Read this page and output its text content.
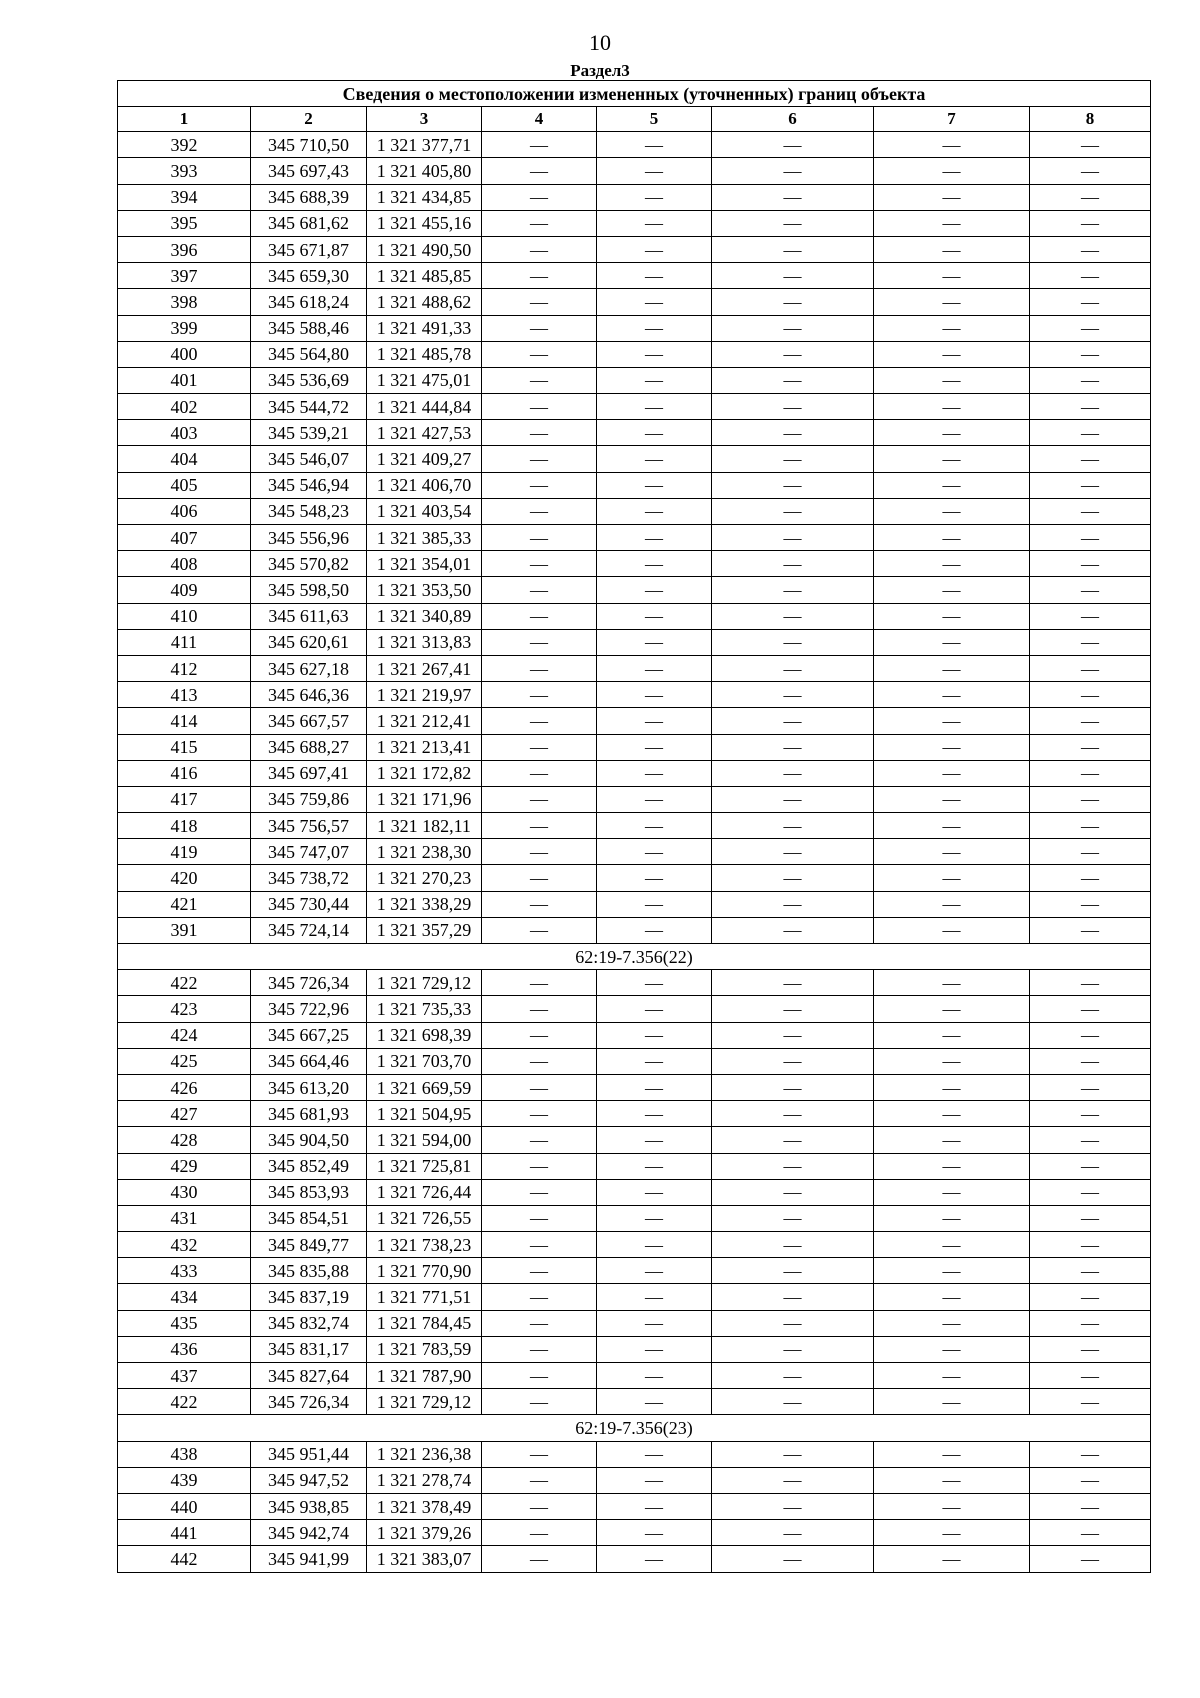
10
Раздел3
Сведения о местоположении измененных (уточненных) границ объекта							
1	2	3	4	5	6	7	8
392	345 710,50	1 321 377,71	—	—	—	—	—
393	345 697,43	1 321 405,80	—	—	—	—	—
394	345 688,39	1 321 434,85	—	—	—	—	—
395	345 681,62	1 321 455,16	—	—	—	—	—
396	345 671,87	1 321 490,50	—	—	—	—	—
397	345 659,30	1 321 485,85	—	—	—	—	—
398	345 618,24	1 321 488,62	—	—	—	—	—
399	345 588,46	1 321 491,33	—	—	—	—	—
400	345 564,80	1 321 485,78	—	—	—	—	—
401	345 536,69	1 321 475,01	—	—	—	—	—
402	345 544,72	1 321 444,84	—	—	—	—	—
403	345 539,21	1 321 427,53	—	—	—	—	—
404	345 546,07	1 321 409,27	—	—	—	—	—
405	345 546,94	1 321 406,70	—	—	—	—	—
406	345 548,23	1 321 403,54	—	—	—	—	—
407	345 556,96	1 321 385,33	—	—	—	—	—
408	345 570,82	1 321 354,01	—	—	—	—	—
409	345 598,50	1 321 353,50	—	—	—	—	—
410	345 611,63	1 321 340,89	—	—	—	—	—
411	345 620,61	1 321 313,83	—	—	—	—	—
412	345 627,18	1 321 267,41	—	—	—	—	—
413	345 646,36	1 321 219,97	—	—	—	—	—
414	345 667,57	1 321 212,41	—	—	—	—	—
415	345 688,27	1 321 213,41	—	—	—	—	—
416	345 697,41	1 321 172,82	—	—	—	—	—
417	345 759,86	1 321 171,96	—	—	—	—	—
418	345 756,57	1 321 182,11	—	—	—	—	—
419	345 747,07	1 321 238,30	—	—	—	—	—
420	345 738,72	1 321 270,23	—	—	—	—	—
421	345 730,44	1 321 338,29	—	—	—	—	—
391	345 724,14	1 321 357,29	—	—	—	—	—
62:19-7.356(22)							
422	345 726,34	1 321 729,12	—	—	—	—	—
423	345 722,96	1 321 735,33	—	—	—	—	—
424	345 667,25	1 321 698,39	—	—	—	—	—
425	345 664,46	1 321 703,70	—	—	—	—	—
426	345 613,20	1 321 669,59	—	—	—	—	—
427	345 681,93	1 321 504,95	—	—	—	—	—
428	345 904,50	1 321 594,00	—	—	—	—	—
429	345 852,49	1 321 725,81	—	—	—	—	—
430	345 853,93	1 321 726,44	—	—	—	—	—
431	345 854,51	1 321 726,55	—	—	—	—	—
432	345 849,77	1 321 738,23	—	—	—	—	—
433	345 835,88	1 321 770,90	—	—	—	—	—
434	345 837,19	1 321 771,51	—	—	—	—	—
435	345 832,74	1 321 784,45	—	—	—	—	—
436	345 831,17	1 321 783,59	—	—	—	—	—
437	345 827,64	1 321 787,90	—	—	—	—	—
422	345 726,34	1 321 729,12	—	—	—	—	—
62:19-7.356(23)							
438	345 951,44	1 321 236,38	—	—	—	—	—
439	345 947,52	1 321 278,74	—	—	—	—	—
440	345 938,85	1 321 378,49	—	—	—	—	—
441	345 942,74	1 321 379,26	—	—	—	—	—
442	345 941,99	1 321 383,07	—	—	—	—	—
